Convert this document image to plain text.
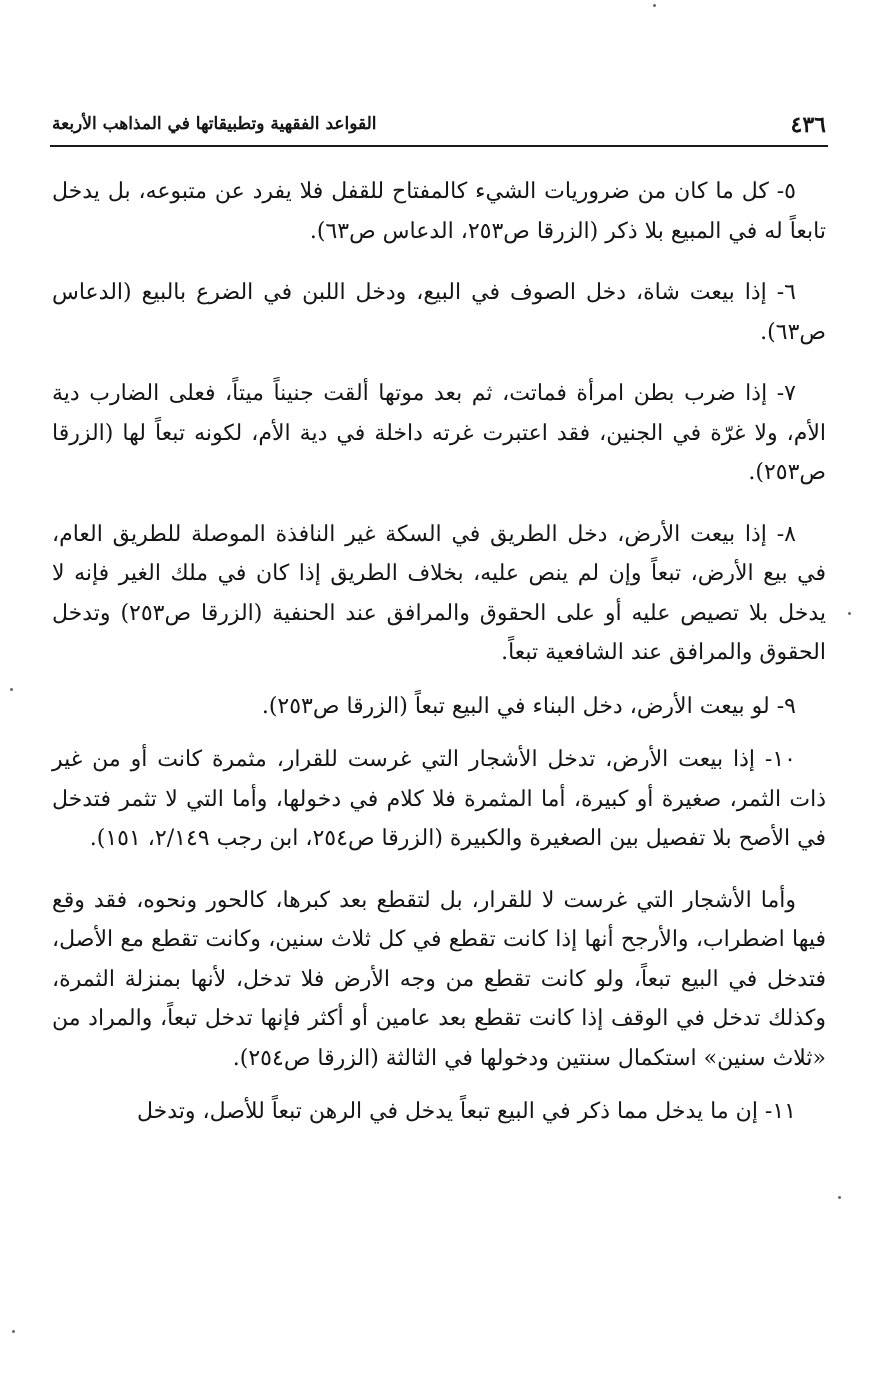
٤٣٦
القواعد الفقهية وتطبيقاتها في المذاهب الأربعة

٥- كل ما كان من ضروريات الشيء كالمفتاح للقفل فلا يفرد عن متبوعه، بل يدخل تابعاً له في المبيع بلا ذكر (الزرقا ص٢٥٣، الدعاس ص٦٣).

٦- إذا بيعت شاة، دخل الصوف في البيع، ودخل اللبن في الضرع بالبيع (الدعاس ص٦٣).

٧- إذا ضرب بطن امرأة فماتت، ثم بعد موتها ألقت جنيناً ميتاً، فعلى الضارب دية الأم، ولا غرّة في الجنين، فقد اعتبرت غرته داخلة في دية الأم، لكونه تبعاً لها (الزرقا ص٢٥٣).

٨- إذا بيعت الأرض، دخل الطريق في السكة غير النافذة الموصلة للطريق العام، في بيع الأرض، تبعاً وإن لم ينص عليه، بخلاف الطريق إذا كان في ملك الغير فإنه لا يدخل بلا تصيص عليه أو على الحقوق والمرافق عند الحنفية (الزرقا ص٢٥٣) وتدخل الحقوق والمرافق عند الشافعية تبعاً.

٩- لو بيعت الأرض، دخل البناء في البيع تبعاً (الزرقا ص٢٥٣).

١٠- إذا بيعت الأرض، تدخل الأشجار التي غرست للقرار، مثمرة كانت أو من غير ذات الثمر، صغيرة أو كبيرة، أما المثمرة فلا كلام في دخولها، وأما التي لا تثمر فتدخل في الأصح بلا تفصيل بين الصغيرة والكبيرة (الزرقا ص٢٥٤، ابن رجب ٢/١٤٩، ١٥١).

وأما الأشجار التي غرست لا للقرار، بل لتقطع بعد كبرها، كالحور ونحوه، فقد وقع فيها اضطراب، والأرجح أنها إذا كانت تقطع في كل ثلاث سنين، وكانت تقطع مع الأصل، فتدخل في البيع تبعاً، ولو كانت تقطع من وجه الأرض فلا تدخل، لأنها بمنزلة الثمرة، وكذلك تدخل في الوقف إذا كانت تقطع بعد عامين أو أكثر فإنها تدخل تبعاً، والمراد من «ثلاث سنين» استكمال سنتين ودخولها في الثالثة (الزرقا ص٢٥٤).

١١- إن ما يدخل مما ذكر في البيع تبعاً يدخل في الرهن تبعاً للأصل، وتدخل
